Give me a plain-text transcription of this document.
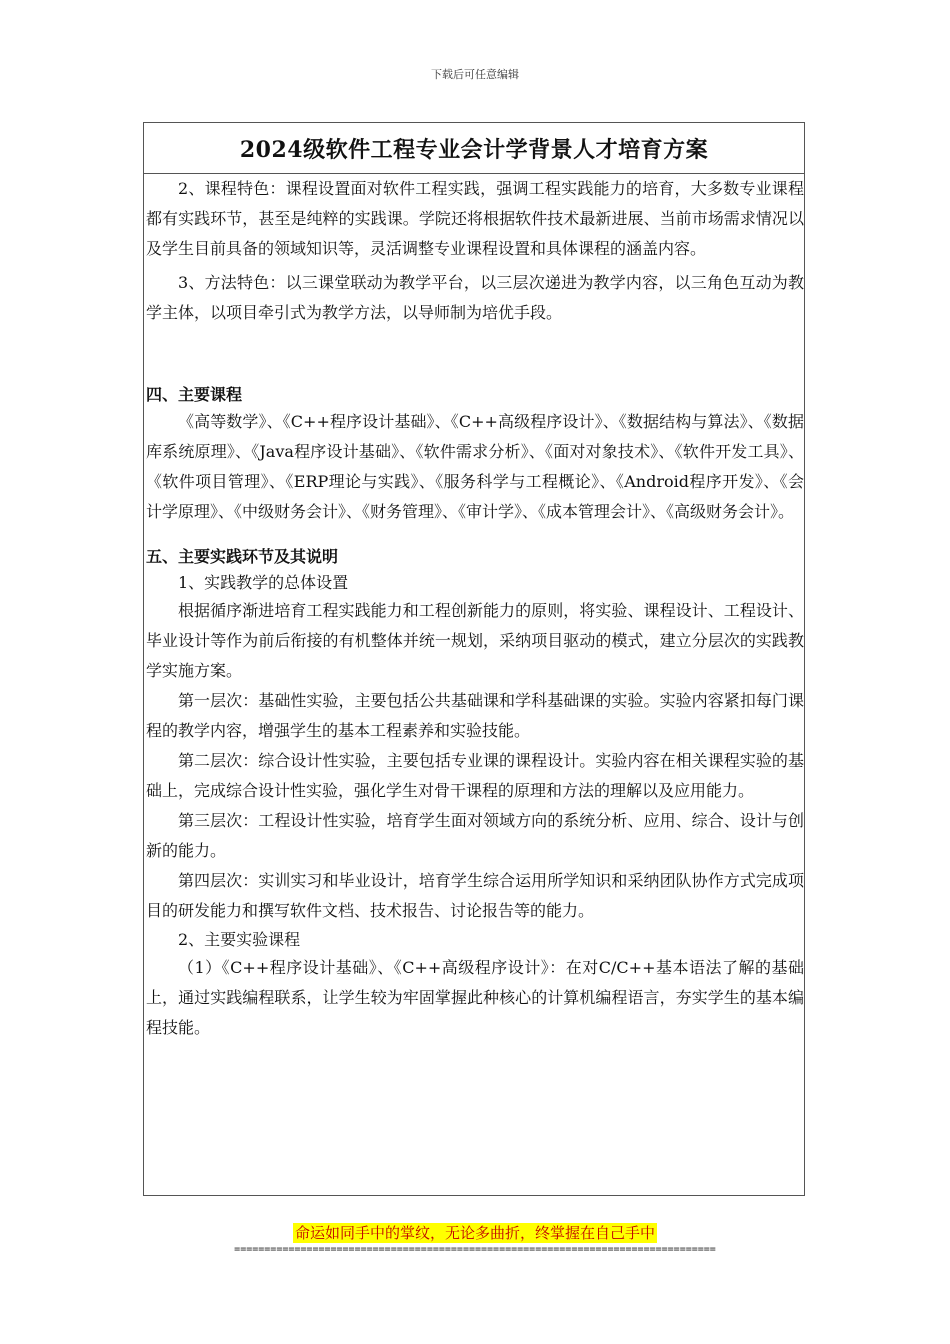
下载后可任意编辑
2024级软件工程专业会计学背景人才培育方案

2、课程特色：课程设置面对软件工程实践，强调工程实践能力的培育，大多数专业课程都有实践环节，甚至是纯粹的实践课。学院还将根据软件技术最新进展、当前市场需求情况以及学生目前具备的领域知识等，灵活调整专业课程设置和具体课程的涵盖内容。

3、方法特色：以三课堂联动为教学平台，以三层次递进为教学内容，以三角色互动为教学主体，以项目牵引式为教学方法，以导师制为培优手段。

四、主要课程

《高等数学》、《C++程序设计基础》、《C++高级程序设计》、《数据结构与算法》、《数据库系统原理》、《Java程序设计基础》、《软件需求分析》、《面对对象技术》、《软件开发工具》、《软件项目管理》、《ERP理论与实践》、《服务科学与工程概论》、《Android程序开发》、《会计学原理》、《中级财务会计》、《财务管理》、《审计学》、《成本管理会计》、《高级财务会计》。

五、主要实践环节及其说明

1、实践教学的总体设置

根据循序渐进培育工程实践能力和工程创新能力的原则，将实验、课程设计、工程设计、毕业设计等作为前后衔接的有机整体并统一规划，采纳项目驱动的模式，建立分层次的实践教学实施方案。

第一层次：基础性实验，主要包括公共基础课和学科基础课的实验。实验内容紧扣每门课程的教学内容，增强学生的基本工程素养和实验技能。

第二层次：综合设计性实验，主要包括专业课的课程设计。实验内容在相关课程实验的基础上，完成综合设计性实验，强化学生对骨干课程的原理和方法的理解以及应用能力。

第三层次：工程设计性实验，培育学生面对领域方向的系统分析、应用、综合、设计与创新的能力。

第四层次：实训实习和毕业设计，培育学生综合运用所学知识和采纳团队协作方式完成项目的研发能力和撰写软件文档、技术报告、讨论报告等的能力。

2、主要实验课程

（1）《C++程序设计基础》、《C++高级程序设计》：在对C/C++基本语法了解的基础上，通过实践编程联系，让学生较为牢固掌握此种核心的计算机编程语言，夯实学生的基本编程技能。

命运如同手中的掌纹，无论多曲折，终掌握在自己手中
================================================================================
